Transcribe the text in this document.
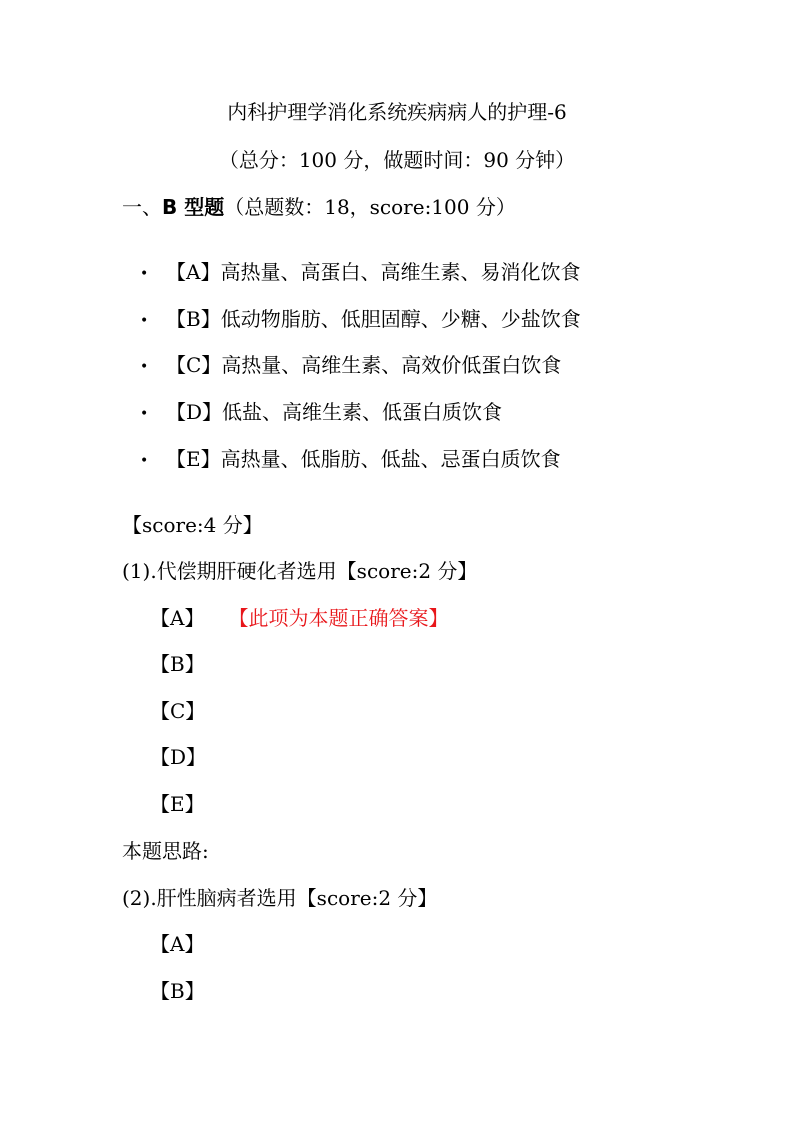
内科护理学消化系统疾病病人的护理-6
（总分：100 分，做题时间：90 分钟）
一、B 型题（总题数：18，score:100 分）
• 【A】高热量、高蛋白、高维生素、易消化饮食
• 【B】低动物脂肪、低胆固醇、少糖、少盐饮食
• 【C】高热量、高维生素、高效价低蛋白饮食
• 【D】低盐、高维生素、低蛋白质饮食
• 【E】高热量、低脂肪、低盐、忌蛋白质饮食
【score:4 分】
(1).代偿期肝硬化者选用【score:2 分】
【A】 【此项为本题正确答案】
【B】
【C】
【D】
【E】
本题思路:
(2).肝性脑病者选用【score:2 分】
【A】
【B】
